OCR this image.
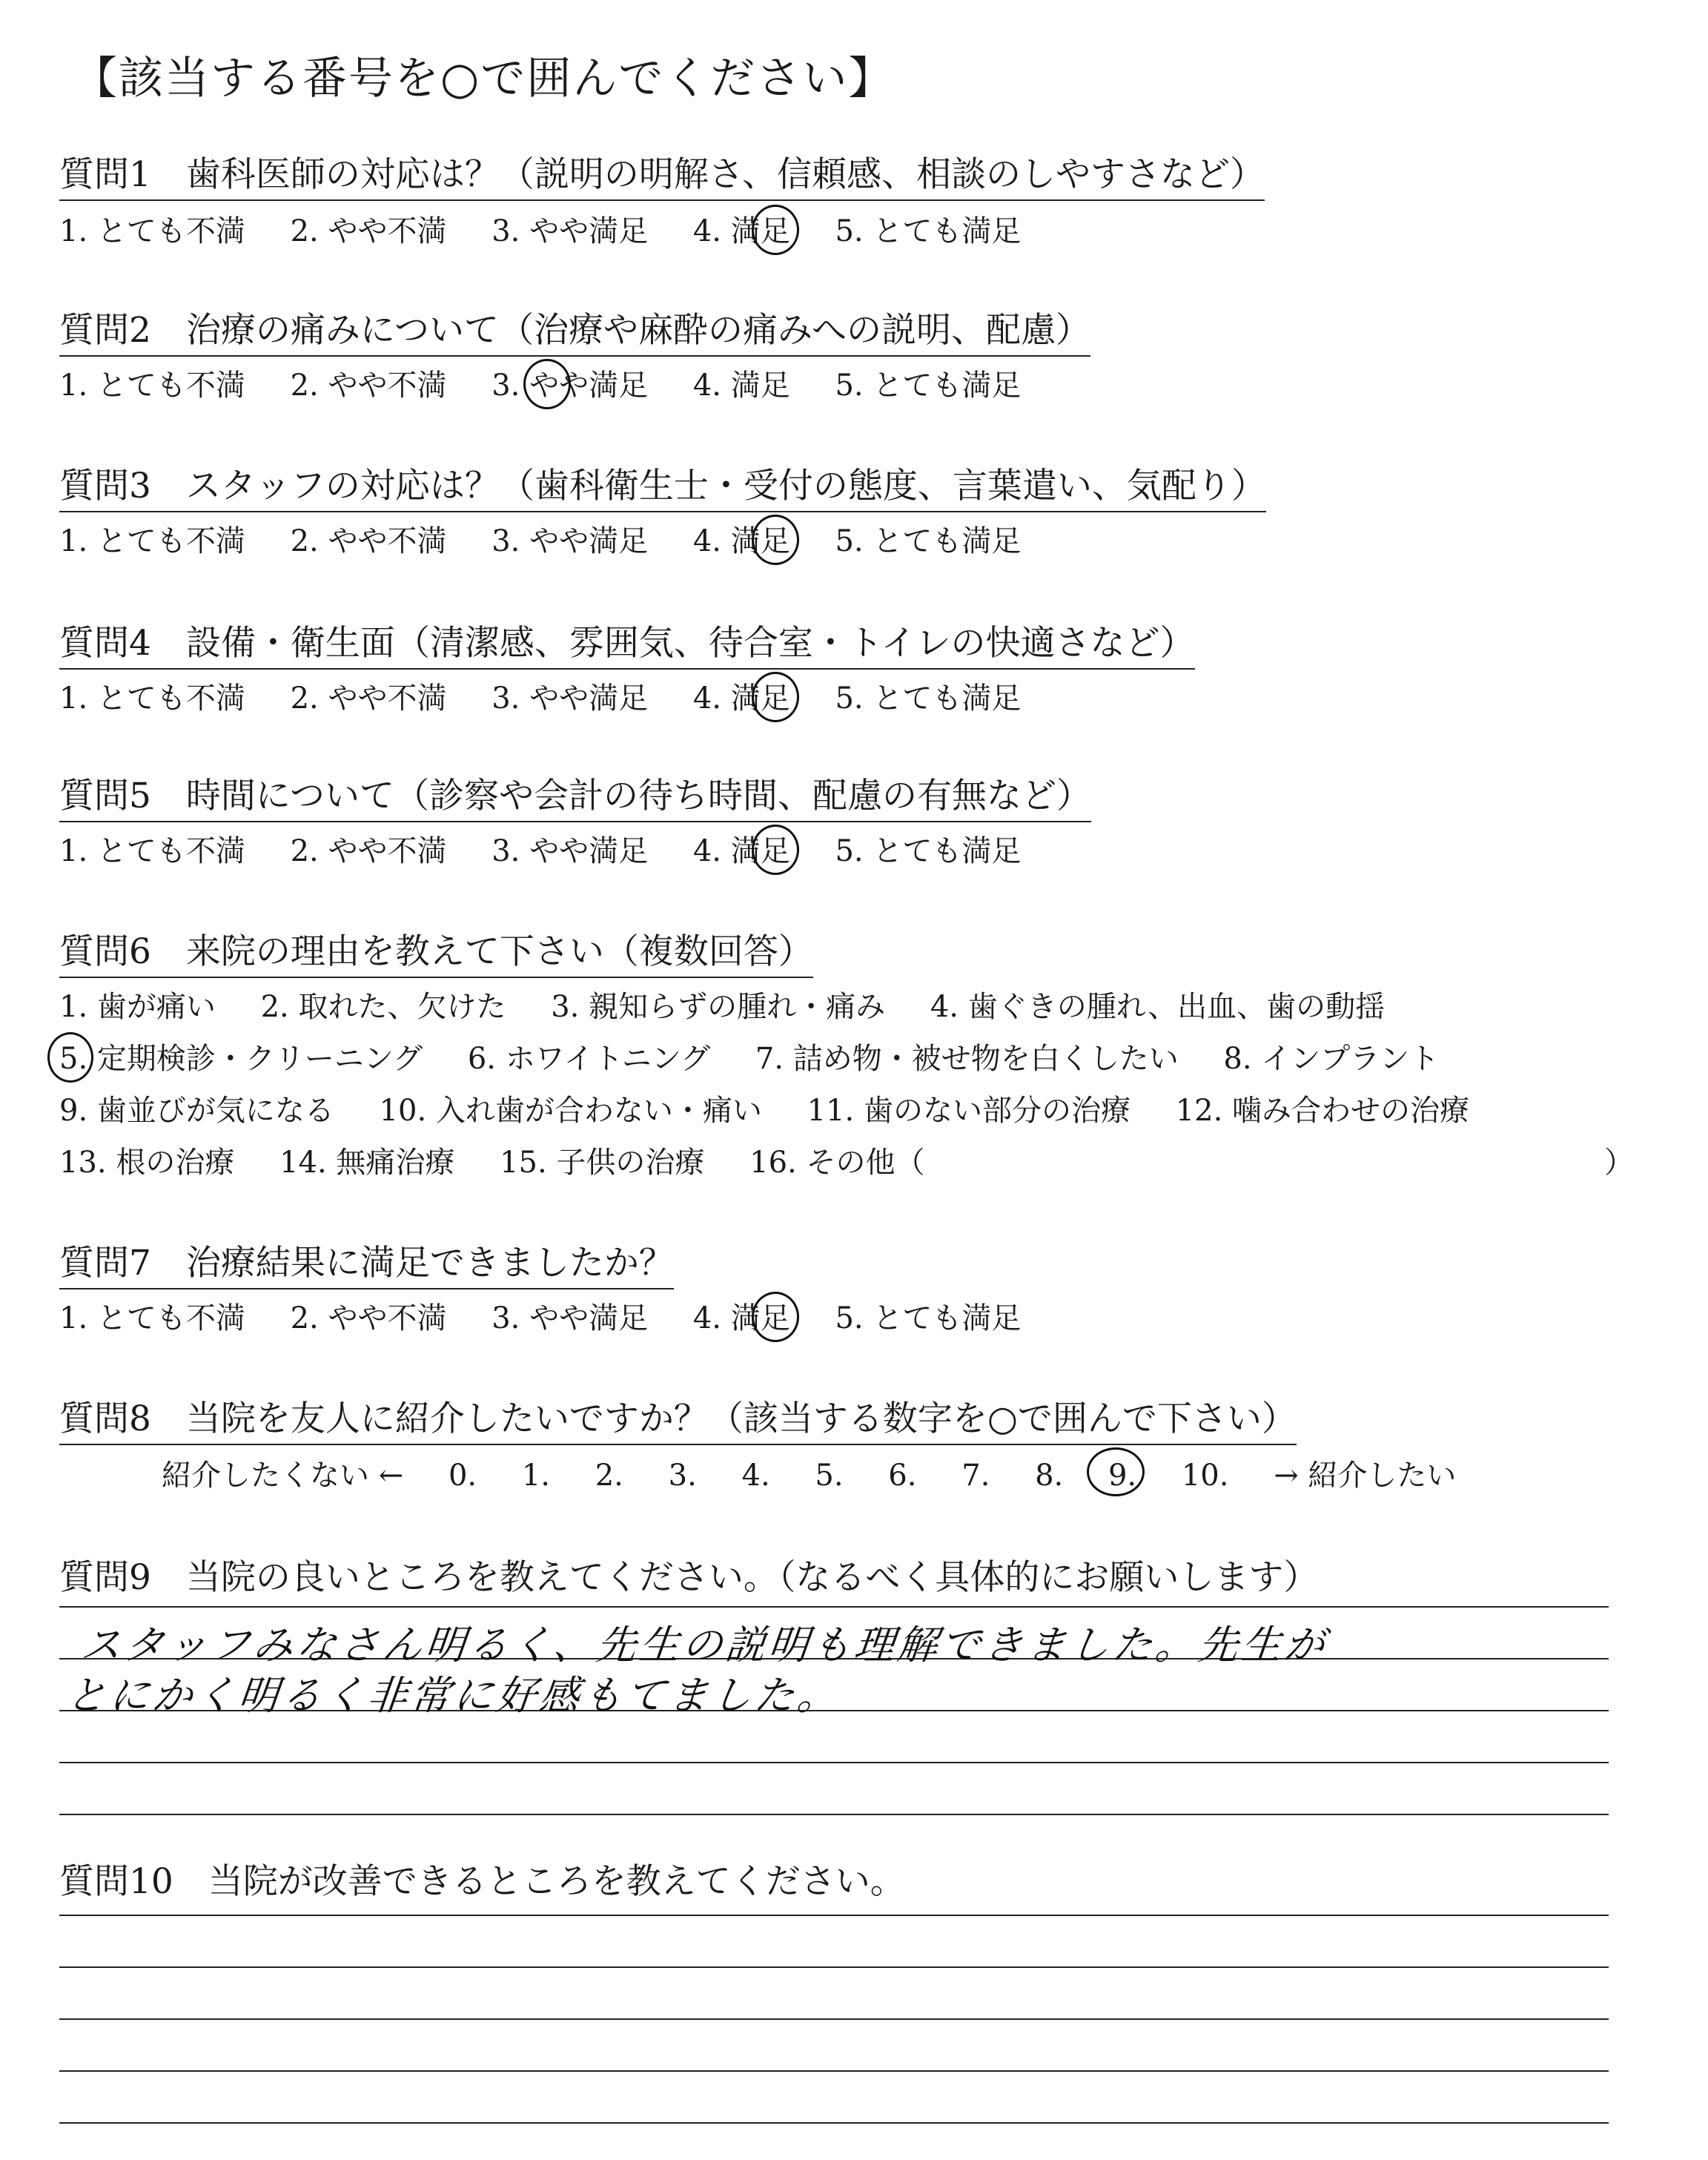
【該当する番号を○で囲んでください】
質問1　歯科医師の対応は？（説明の明解さ、信頼感、相談のしやすさなど）
1. とても不満 2. やや不満 3. やや満足 4. 満足 5. とても満足
質問2　治療の痛みについて（治療や麻酔の痛みへの説明、配慮）
1. とても不満 2. やや不満 3. やや満足 4. 満足 5. とても満足
質問3　スタッフの対応は？（歯科衛生士・受付の態度、言葉遣い、気配り）
1. とても不満 2. やや不満 3. やや満足 4. 満足 5. とても満足
質問4　設備・衛生面（清潔感、雰囲気、待合室・トイレの快適さなど）
1. とても不満 2. やや不満 3. やや満足 4. 満足 5. とても満足
質問5　時間について（診察や会計の待ち時間、配慮の有無など）
1. とても不満 2. やや不満 3. やや満足 4. 満足 5. とても満足
質問6　来院の理由を教えて下さい（複数回答）
1. 歯が痛い 2. 取れた、欠けた 3. 親知らずの腫れ・痛み 4. 歯ぐきの腫れ、出血、歯の動揺
5. 定期検診・クリーニング 6. ホワイトニング 7. 詰め物・被せ物を白くしたい 8. インプラント
9. 歯並びが気になる 10. 入れ歯が合わない・痛い 11. 歯のない部分の治療 12. 噛み合わせの治療
13. 根の治療 14. 無痛治療 15. 子供の治療 16. その他（	）
質問7　治療結果に満足できましたか？
1. とても不満 2. やや不満 3. やや満足 4. 満足 5. とても満足
質問8　当院を友人に紹介したいですか？（該当する数字を○で囲んで下さい）
紹介したくない ← 0. 1. 2. 3. 4. 5. 6. 7. 8. 9. 10. → 紹介したい
質問9　当院の良いところを教えてください。（なるべく具体的にお願いします）
スタッフみなさん明るく、先生の説明も理解できました。先生が
とにかく明るく非常に好感もてました。
質問10　当院が改善できるところを教えてください。
